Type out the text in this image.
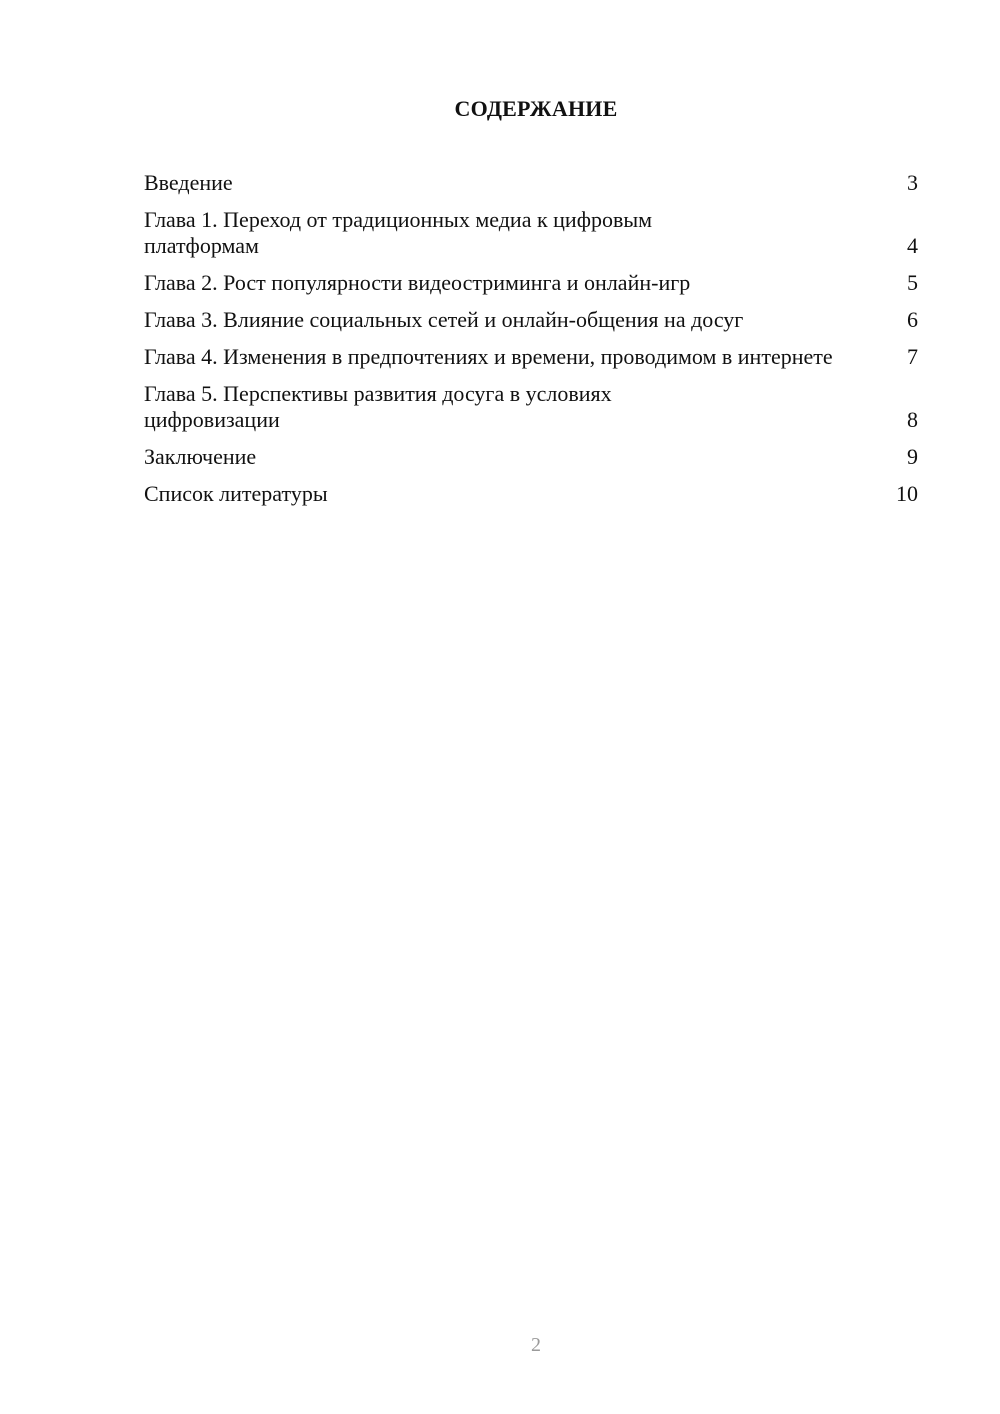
СОДЕРЖАНИЕ
Введение	3
Глава 1. Переход от традиционных медиа к цифровым платформам	4
Глава 2. Рост популярности видеостриминга и онлайн-игр	5
Глава 3. Влияние социальных сетей и онлайн-общения на досуг	6
Глава 4. Изменения в предпочтениях и времени, проводимом в интернете	7
Глава 5. Перспективы развития досуга в условиях цифровизации	8
Заключение	9
Список литературы	10
2
